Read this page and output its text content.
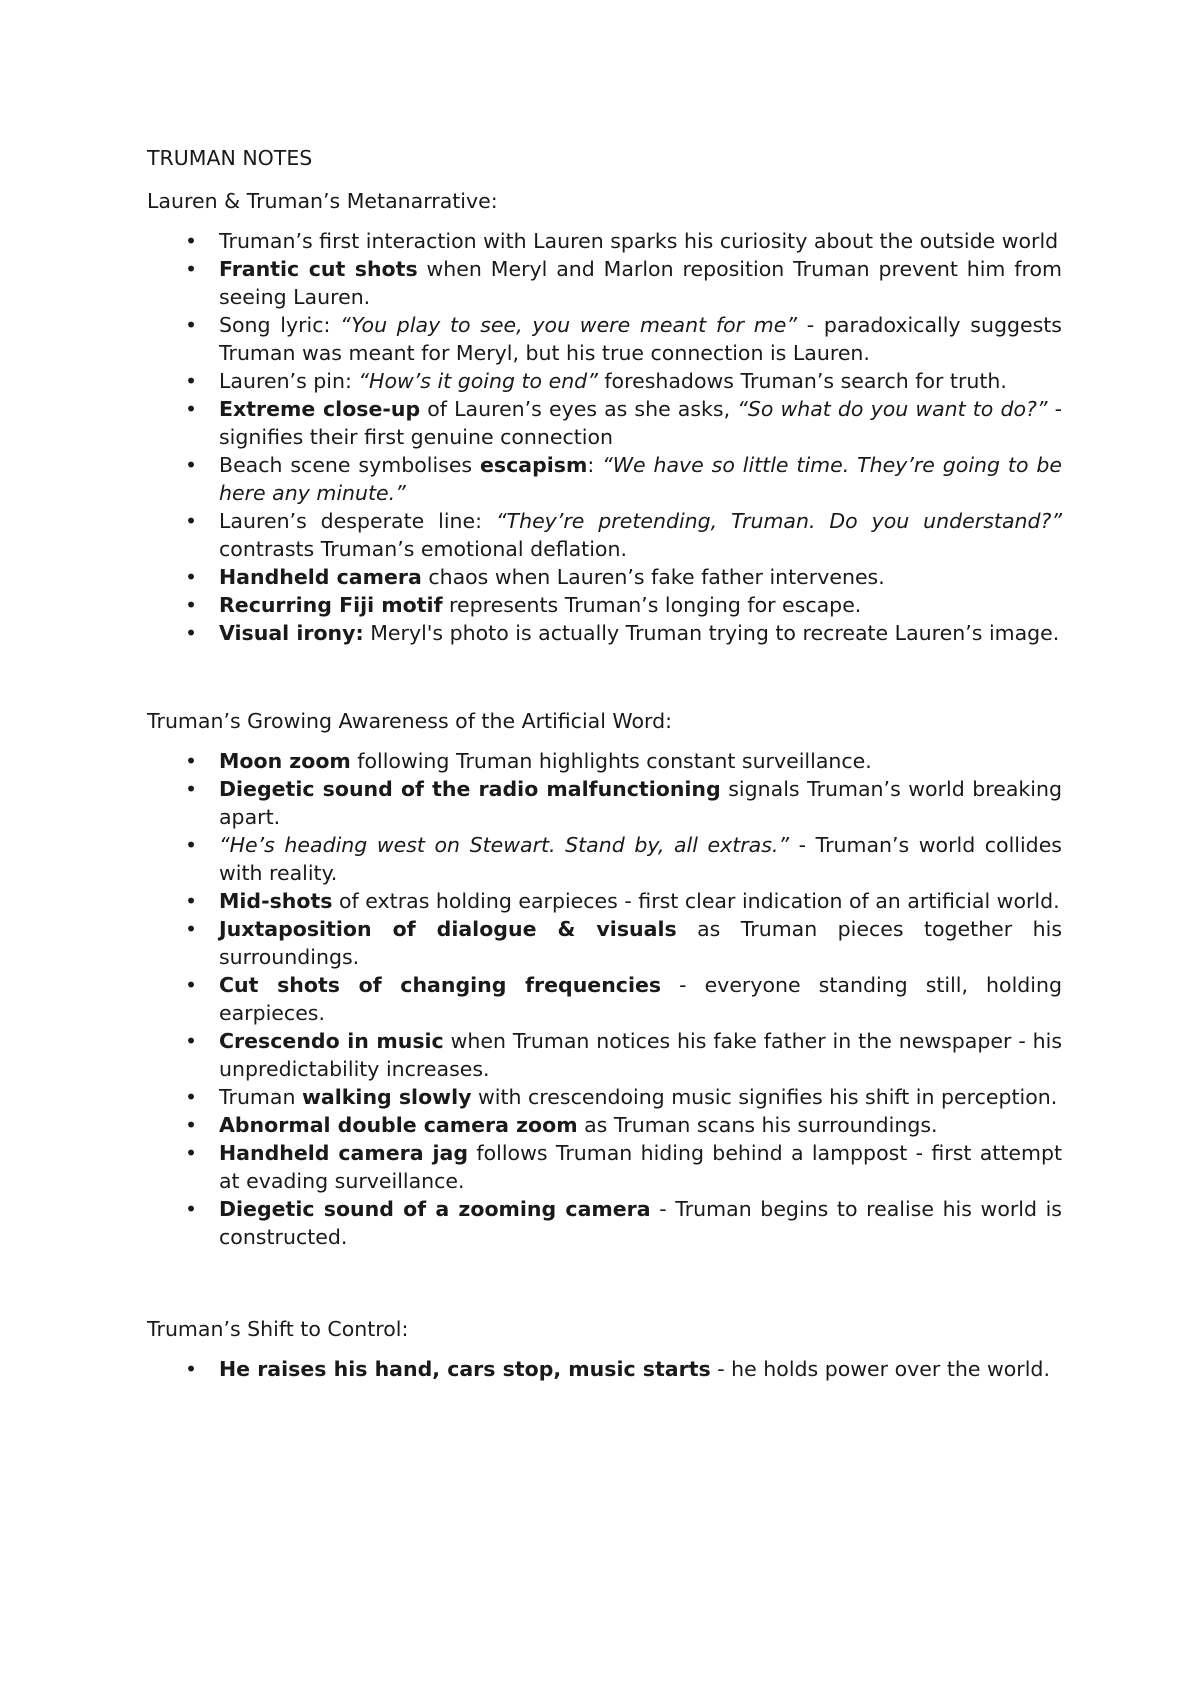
TRUMAN NOTES
Lauren & Truman’s Metanarrative:
•	Truman’s first interaction with Lauren sparks his curiosity about the outside world
•	Frantic cut shots when Meryl and Marlon reposition Truman prevent him from seeing Lauren.
•	Song lyric: “You play to see, you were meant for me” - paradoxically suggests Truman was meant for Meryl, but his true connection is Lauren.
•	Lauren’s pin: “How’s it going to end” foreshadows Truman’s search for truth.
•	Extreme close-up of Lauren’s eyes as she asks, “So what do you want to do?” - signifies their first genuine connection
•	Beach scene symbolises escapism: “We have so little time. They’re going to be here any minute.”
•	Lauren’s desperate line: “They’re pretending, Truman. Do you understand?” contrasts Truman’s emotional deflation.
•	Handheld camera chaos when Lauren’s fake father intervenes.
•	Recurring Fiji motif represents Truman’s longing for escape.
•	Visual irony: Meryl's photo is actually Truman trying to recreate Lauren’s image.
Truman’s Growing Awareness of the Artificial Word:
•	Moon zoom following Truman highlights constant surveillance.
•	Diegetic sound of the radio malfunctioning signals Truman’s world breaking apart.
•	“He’s heading west on Stewart. Stand by, all extras.” - Truman’s world collides with reality.
•	Mid-shots of extras holding earpieces - first clear indication of an artificial world.
•	Juxtaposition of dialogue & visuals as Truman pieces together his surroundings.
•	Cut shots of changing frequencies - everyone standing still, holding earpieces.
•	Crescendo in music when Truman notices his fake father in the newspaper - his unpredictability increases.
•	Truman walking slowly with crescendoing music signifies his shift in perception.
•	Abnormal double camera zoom as Truman scans his surroundings.
•	Handheld camera jag follows Truman hiding behind a lamppost - first attempt at evading surveillance.
•	Diegetic sound of a zooming camera - Truman begins to realise his world is constructed.
Truman’s Shift to Control:
•	He raises his hand, cars stop, music starts - he holds power over the world.
